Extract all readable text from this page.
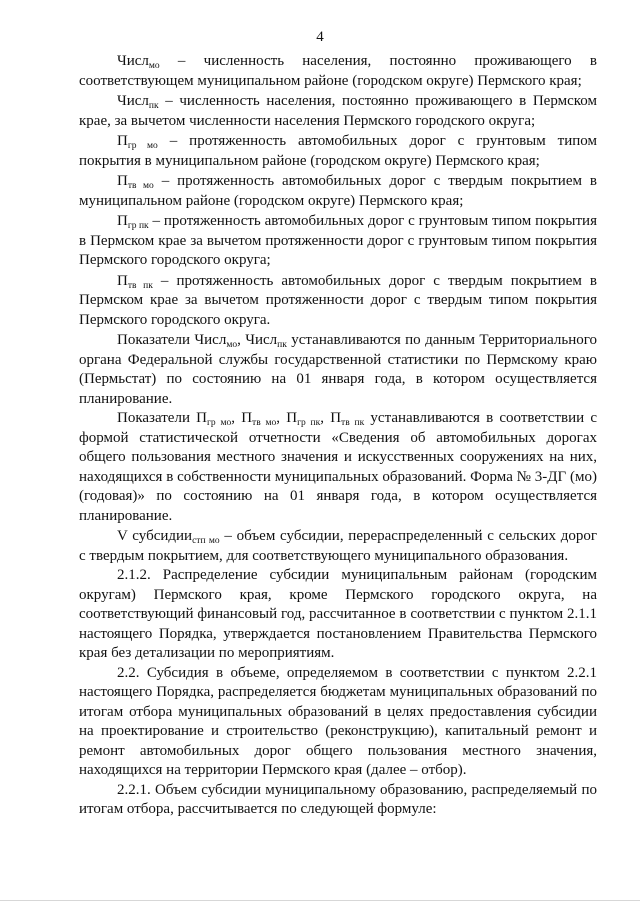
4

Числ$_{мо}$ – численность населения, постоянно проживающего в соответствующем муниципальном районе (городском округе) Пермского края;

Числ$_{пк}$ – численность населения, постоянно проживающего в Пермском крае, за вычетом численности населения Пермского городского округа;

$П_{гр мо}$ – протяженность автомобильных дорог с грунтовым типом покрытия в муниципальном районе (городском округе) Пермского края;

$П_{тв мо}$ – протяженность автомобильных дорог с твердым покрытием в муниципальном районе (городском округе) Пермского края;

$П_{гр пк}$ – протяженность автомобильных дорог с грунтовым типом покрытия в Пермском крае за вычетом протяженности дорог с грунтовым типом покрытия Пермского городского округа;

$П_{тв пк}$ – протяженность автомобильных дорог с твердым покрытием в Пермском крае за вычетом протяженности дорог с твердым типом покрытия Пермского городского округа.

Показатели Числ$_{мо}$, Числ$_{пк}$ устанавливаются по данным Территориального органа Федеральной службы государственной статистики по Пермскому краю (Пермьстат) по состоянию на 01 января года, в котором осуществляется планирование.

Показатели $П_{гр мо}$, $П_{тв мо}$, $П_{гр пк}$, $П_{тв пк}$ устанавливаются в соответствии с формой статистической отчетности «Сведения об автомобильных дорогах общего пользования местного значения и искусственных сооружениях на них, находящихся в собственности муниципальных образований. Форма № 3-ДГ (мо) (годовая)» по состоянию на 01 января года, в котором осуществляется планирование.

V субсидии$_{стп мо}$ – объем субсидии, перераспределенный с сельских дорог с твердым покрытием, для соответствующего муниципального образования.

2.1.2. Распределение субсидии муниципальным районам (городским округам) Пермского края, кроме Пермского городского округа, на соответствующий финансовый год, рассчитанное в соответствии с пунктом 2.1.1 настоящего Порядка, утверждается постановлением Правительства Пермского края без детализации по мероприятиям.

2.2. Субсидия в объеме, определяемом в соответствии с пунктом 2.2.1 настоящего Порядка, распределяется бюджетам муниципальных образований по итогам отбора муниципальных образований в целях предоставления субсидии на проектирование и строительство (реконструкцию), капитальный ремонт и ремонт автомобильных дорог общего пользования местного значения, находящихся на территории Пермского края (далее – отбор).

2.2.1. Объем субсидии муниципальному образованию, распределяемый по итогам отбора, рассчитывается по следующей формуле:
